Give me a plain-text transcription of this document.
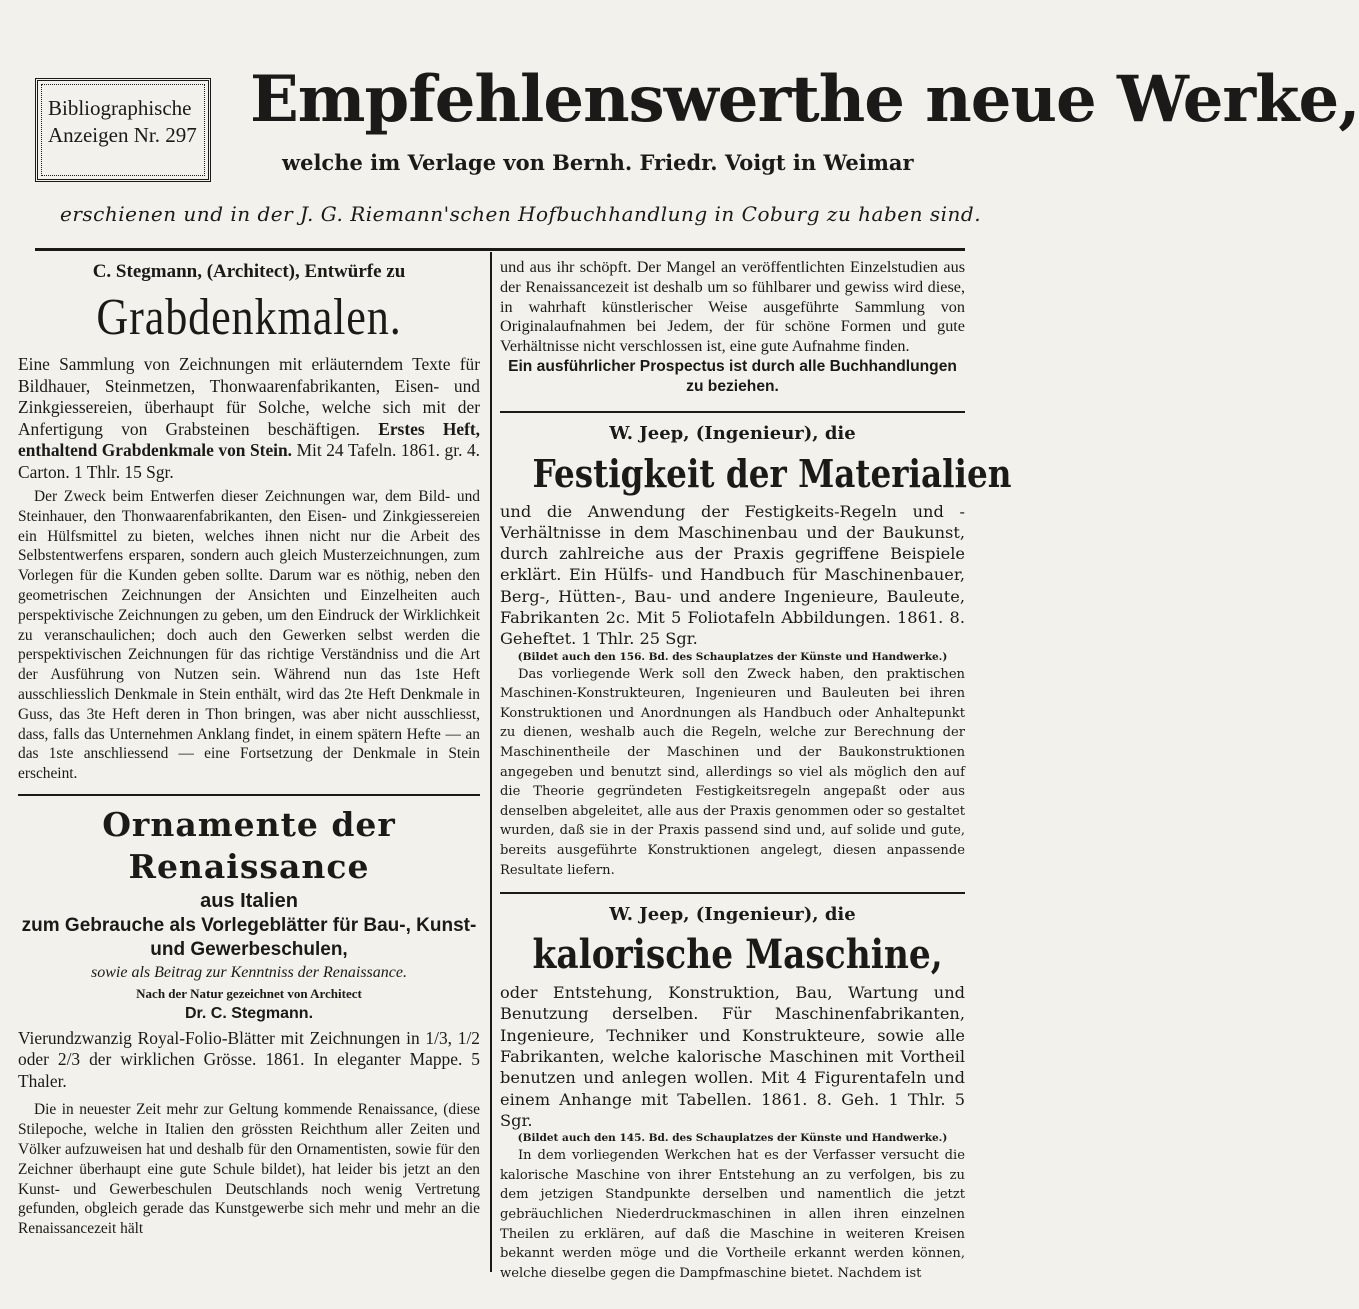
Bibliographische
Anzeigen Nr. 297 Empfehlenswerthe neue Werke,
welche im Verlage von Bernh. Friedr. Voigt in Weimar
erschienen und in der J. G. Riemann'schen Hofbuchhandlung in Coburg zu haben sind.
C. Stegmann, (Architect), Entwürfe zu
Grabdenkmalen.

Eine Sammlung von Zeichnungen mit erläuterndem Texte für Bildhauer, Steinmetzen, Thonwaarenfabrikanten, Eisen- und Zinkgiessereien, überhaupt für Solche, welche sich mit der Anfertigung von Grabsteinen beschäftigen. Erstes Heft, enthaltend Grabdenkmale von Stein. Mit 24 Tafeln. 1861. gr. 4. Carton. 1 Thlr. 15 Sgr.

Der Zweck beim Entwerfen dieser Zeichnungen war, dem Bild- und Steinhauer, den Thonwaarenfabrikanten, den Eisen- und Zinkgiessereien ein Hülfsmittel zu bieten, welches ihnen nicht nur die Arbeit des Selbstentwerfens ersparen, sondern auch gleich Musterzeichnungen, zum Vorlegen für die Kunden geben sollte. Darum war es nöthig, neben den geometrischen Zeichnungen der Ansichten und Einzelheiten auch perspektivische Zeichnungen zu geben, um den Eindruck der Wirklichkeit zu veranschaulichen; doch auch den Gewerken selbst werden die perspektivischen Zeichnungen für das richtige Verständniss und die Art der Ausführung von Nutzen sein. Während nun das 1ste Heft ausschliesslich Denkmale in Stein enthält, wird das 2te Heft Denkmale in Guss, das 3te Heft deren in Thon bringen, was aber nicht ausschliesst, dass, falls das Unternehmen Anklang findet, in einem spätern Hefte — an das 1ste anschliessend — eine Fortsetzung der Denkmale in Stein erscheint.

Ornamente der Renaissance
aus Italien
zum Gebrauche als Vorlegeblätter für Bau-, Kunst- und Gewerbeschulen,
sowie als Beitrag zur Kenntniss der Renaissance.
Nach der Natur gezeichnet von Architect
Dr. C. Stegmann.

Vierundzwanzig Royal-Folio-Blätter mit Zeichnungen in 1/3, 1/2 oder 2/3 der wirklichen Grösse. 1861. In eleganter Mappe. 5 Thaler.

Die in neuester Zeit mehr zur Geltung kommende Renaissance, (diese Stilepoche, welche in Italien den grössten Reichthum aller Zeiten und Völker aufzuweisen hat und deshalb für den Ornamentisten, sowie für den Zeichner überhaupt eine gute Schule bildet), hat leider bis jetzt an den Kunst- und Gewerbeschulen Deutschlands noch wenig Vertretung gefunden, obgleich gerade das Kunstgewerbe sich mehr und mehr an die Renaissancezeit hält

und aus ihr schöpft. Der Mangel an veröffentlichten Einzelstudien aus der Renaissancezeit ist deshalb um so fühlbarer und gewiss wird diese, in wahrhaft künstlerischer Weise ausgeführte Sammlung von Originalaufnahmen bei Jedem, der für schöne Formen und gute Verhältnisse nicht verschlossen ist, eine gute Aufnahme finden.

Ein ausführlicher Prospectus ist durch alle Buchhandlungen zu beziehen.

W. Jeep, (Ingenieur), die
Festigkeit der Materialien

und die Anwendung der Festigkeits-Regeln und -Verhältnisse in dem Maschinenbau und der Baukunst, durch zahlreiche aus der Praxis gegriffene Beispiele erklärt. Ein Hülfs- und Handbuch für Maschinenbauer, Berg-, Hütten-, Bau- und andere Ingenieure, Bauleute, Fabrikanten 2c. Mit 5 Foliotafeln Abbildungen. 1861. 8. Geheftet. 1 Thlr. 25 Sgr.

(Bildet auch den 156. Bd. des Schauplatzes der Künste und Handwerke.)

Das vorliegende Werk soll den Zweck haben, den praktischen Maschinen-Konstrukteuren, Ingenieuren und Bauleuten bei ihren Konstruktionen und Anordnungen als Handbuch oder Anhaltepunkt zu dienen, weshalb auch die Regeln, welche zur Berechnung der Maschinentheile der Maschinen und der Baukonstruktionen angegeben und benutzt sind, allerdings so viel als möglich den auf die Theorie gegründeten Festigkeitsregeln angepaßt oder aus denselben abgeleitet, alle aus der Praxis genommen oder so gestaltet wurden, daß sie in der Praxis passend sind und, auf solide und gute, bereits ausgeführte Konstruktionen angelegt, diesen anpassende Resultate liefern.

W. Jeep, (Ingenieur), die
kalorische Maschine,

oder Entstehung, Konstruktion, Bau, Wartung und Benutzung derselben. Für Maschinenfabrikanten, Ingenieure, Techniker und Konstrukteure, sowie alle Fabrikanten, welche kalorische Maschinen mit Vortheil benutzen und anlegen wollen. Mit 4 Figurentafeln und einem Anhange mit Tabellen. 1861. 8. Geh. 1 Thlr. 5 Sgr.

(Bildet auch den 145. Bd. des Schauplatzes der Künste und Handwerke.)

In dem vorliegenden Werkchen hat es der Verfasser versucht die kalorische Maschine von ihrer Entstehung an zu verfolgen, bis zu dem jetzigen Standpunkte derselben und namentlich die jetzt gebräuchlichen Niederdruckmaschinen in allen ihren einzelnen Theilen zu erklären, auf daß die Maschine in weiteren Kreisen bekannt werden möge und die Vortheile erkannt werden können, welche dieselbe gegen die Dampfmaschine bietet. Nachdem ist
